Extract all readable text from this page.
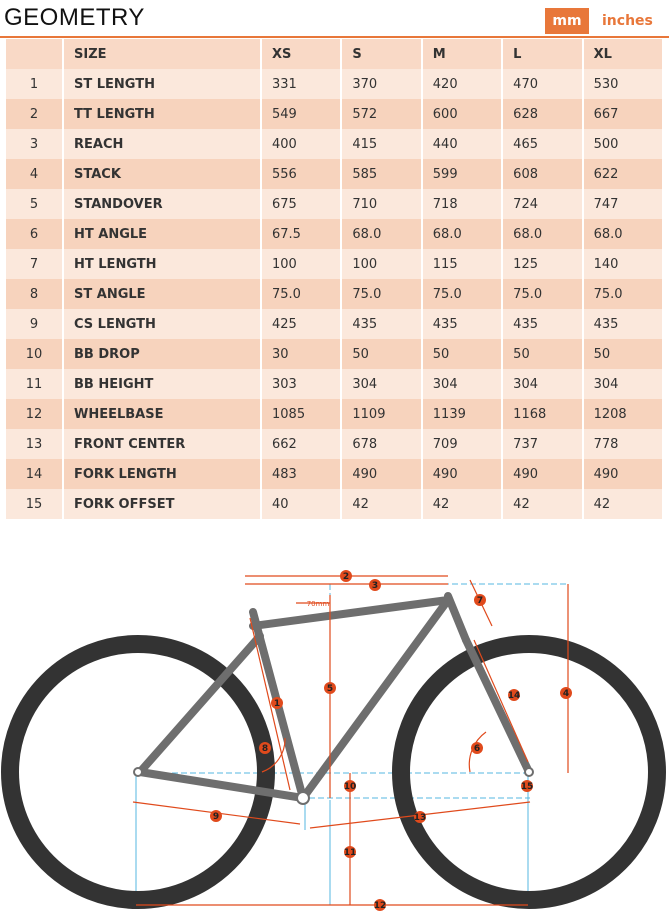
GEOMETRY	mm	inches
	SIZE	XS	S	M	L	XL
1	ST LENGTH	331	370	420	470	530
2	TT LENGTH	549	572	600	628	667
3	REACH	400	415	440	465	500
4	STACK	556	585	599	608	622
5	STANDOVER	675	710	718	724	747
6	HT ANGLE	67.5	68.0	68.0	68.0	68.0
7	HT LENGTH	100	100	115	125	140
8	ST ANGLE	75.0	75.0	75.0	75.0	75.0
9	CS LENGTH	425	435	435	435	435
10	BB DROP	30	50	50	50	50
11	BB HEIGHT	303	304	304	304	304
12	WHEELBASE	1085	1109	1139	1168	1208
13	FRONT CENTER	662	678	709	737	778
14	FORK LENGTH	483	490	490	490	490
15	FORK OFFSET	40	42	42	42	42
1
2
3
4
5
6
7
8
9
10
11
12
13
14
15
70mm
